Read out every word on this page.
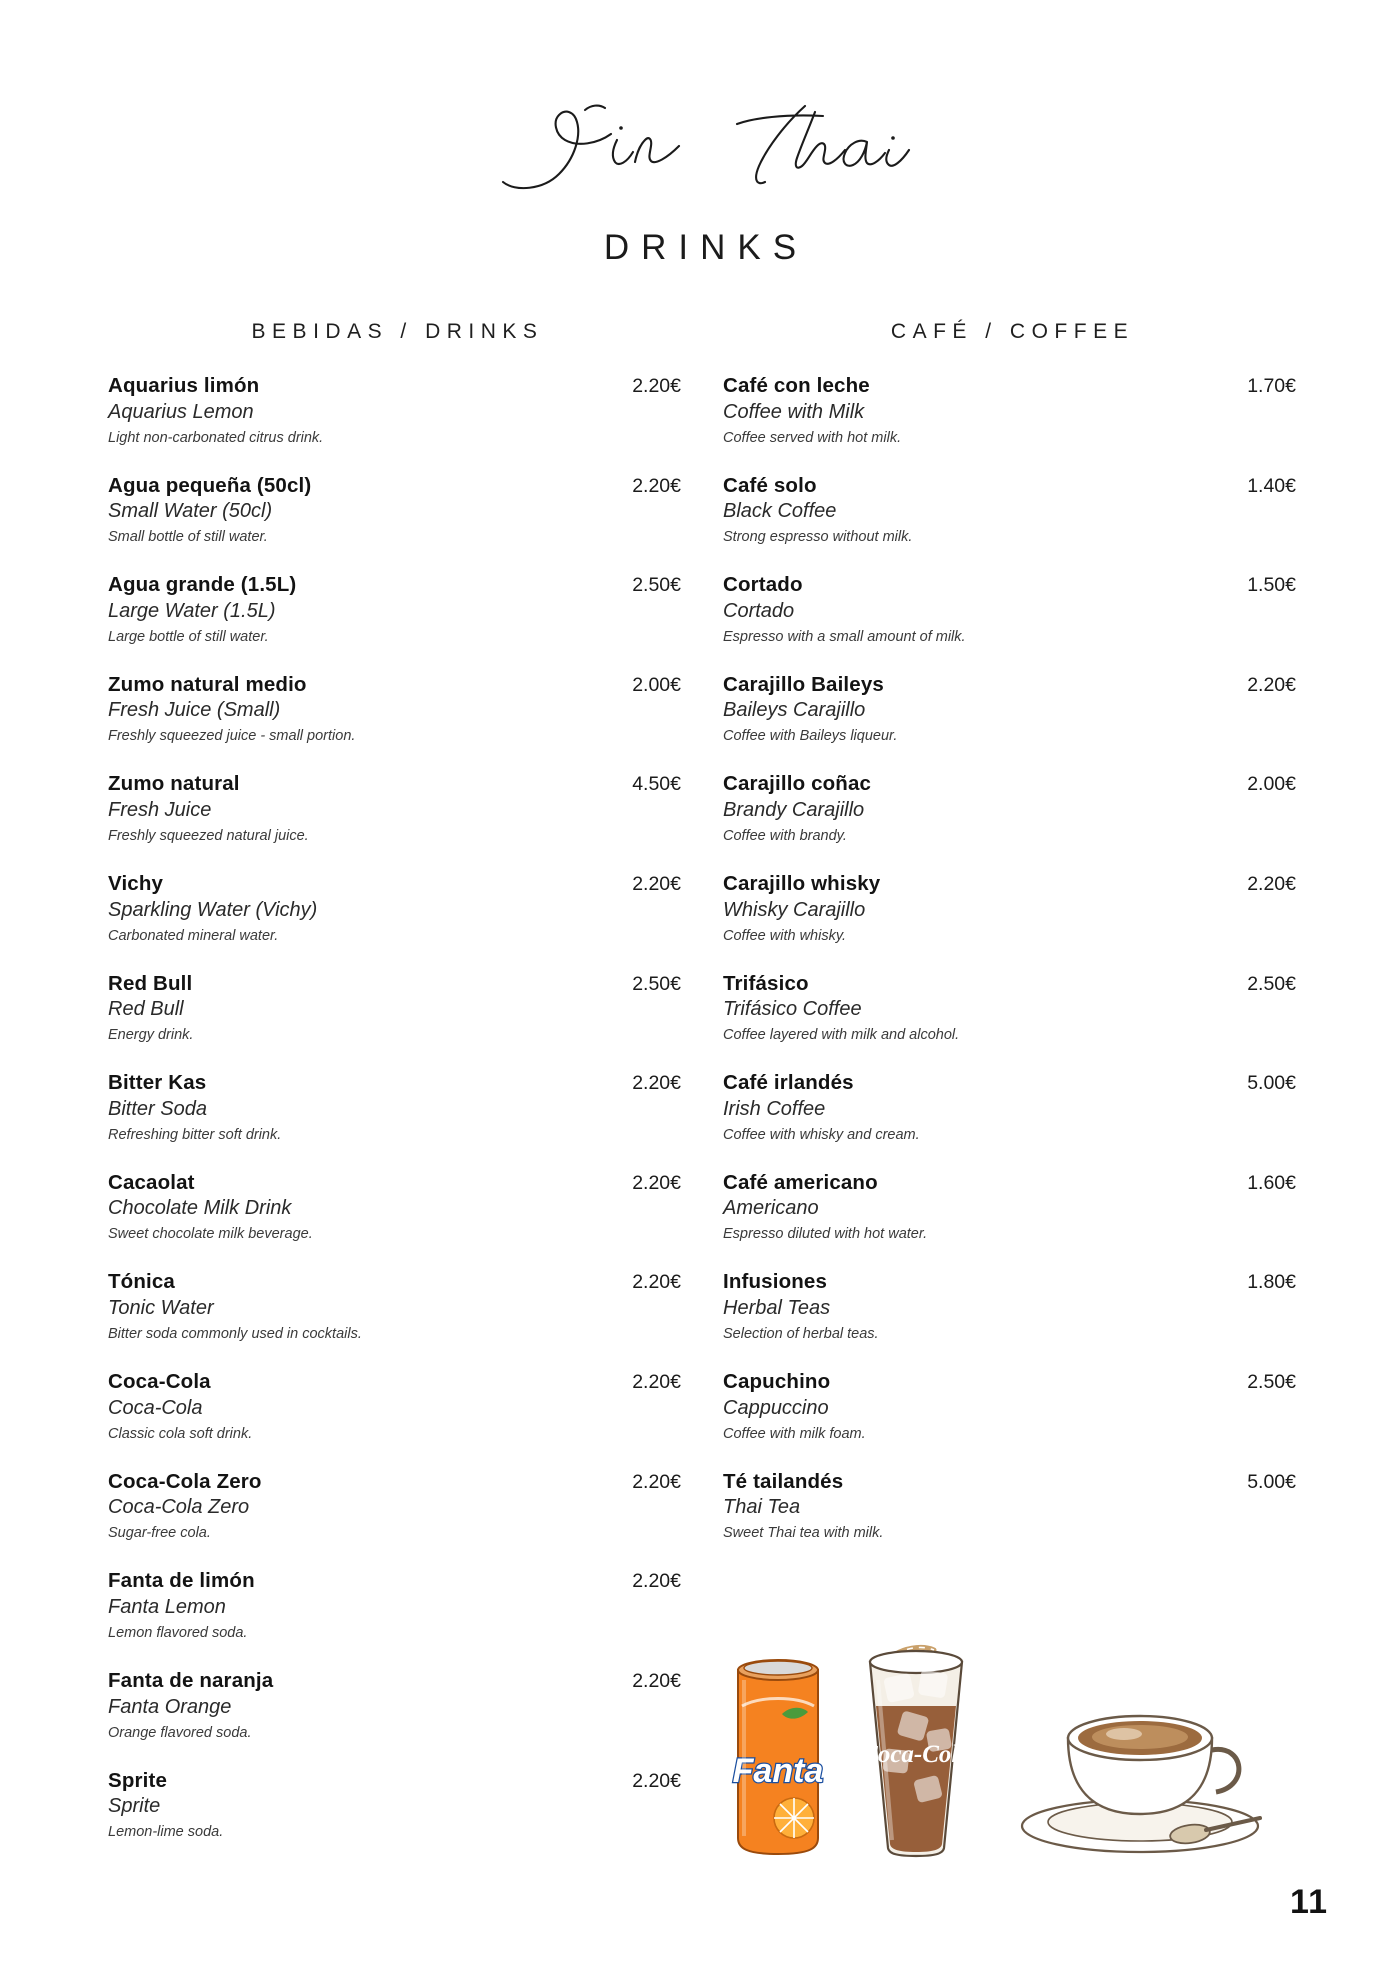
DRINKS
BEBIDAS / DRINKS
Aquarius limón
Aquarius Lemon
Light non-carbonated citrus drink.
2.20€
Agua pequeña (50cl)
Small Water (50cl)
Small bottle of still water.
2.20€
Agua grande (1.5L)
Large Water (1.5L)
Large bottle of still water.
2.50€
Zumo natural medio
Fresh Juice (Small)
Freshly squeezed juice - small portion.
2.00€
Zumo natural
Fresh Juice
Freshly squeezed natural juice.
4.50€
Vichy
Sparkling Water (Vichy)
Carbonated mineral water.
2.20€
Red Bull
Red Bull
Energy drink.
2.50€
Bitter Kas
Bitter Soda
Refreshing bitter soft drink.
2.20€
Cacaolat
Chocolate Milk Drink
Sweet chocolate milk beverage.
2.20€
Tónica
Tonic Water
Bitter soda commonly used in cocktails.
2.20€
Coca-Cola
Coca-Cola
Classic cola soft drink.
2.20€
Coca-Cola Zero
Coca-Cola Zero
Sugar-free cola.
2.20€
Fanta de limón
Fanta Lemon
Lemon flavored soda.
2.20€
Fanta de naranja
Fanta Orange
Orange flavored soda.
2.20€
Sprite
Sprite
Lemon-lime soda.
2.20€
CAFÉ / COFFEE
Café con leche
Coffee with Milk
Coffee served with hot milk.
1.70€
Café solo
Black Coffee
Strong espresso without milk.
1.40€
Cortado
Cortado
Espresso with a small amount of milk.
1.50€
Carajillo Baileys
Baileys Carajillo
Coffee with Baileys liqueur.
2.20€
Carajillo coñac
Brandy Carajillo
Coffee with brandy.
2.00€
Carajillo whisky
Whisky Carajillo
Coffee with whisky.
2.20€
Trifásico
Trifásico Coffee
Coffee layered with milk and alcohol.
2.50€
Café irlandés
Irish Coffee
Coffee with whisky and cream.
5.00€
Café americano
Americano
Espresso diluted with hot water.
1.60€
Infusiones
Herbal Teas
Selection of herbal teas.
1.80€
Capuchino
Cappuccino
Coffee with milk foam.
2.50€
Té tailandés
Thai Tea
Sweet Thai tea with milk.
5.00€
Fanta Coca-Cola
11
